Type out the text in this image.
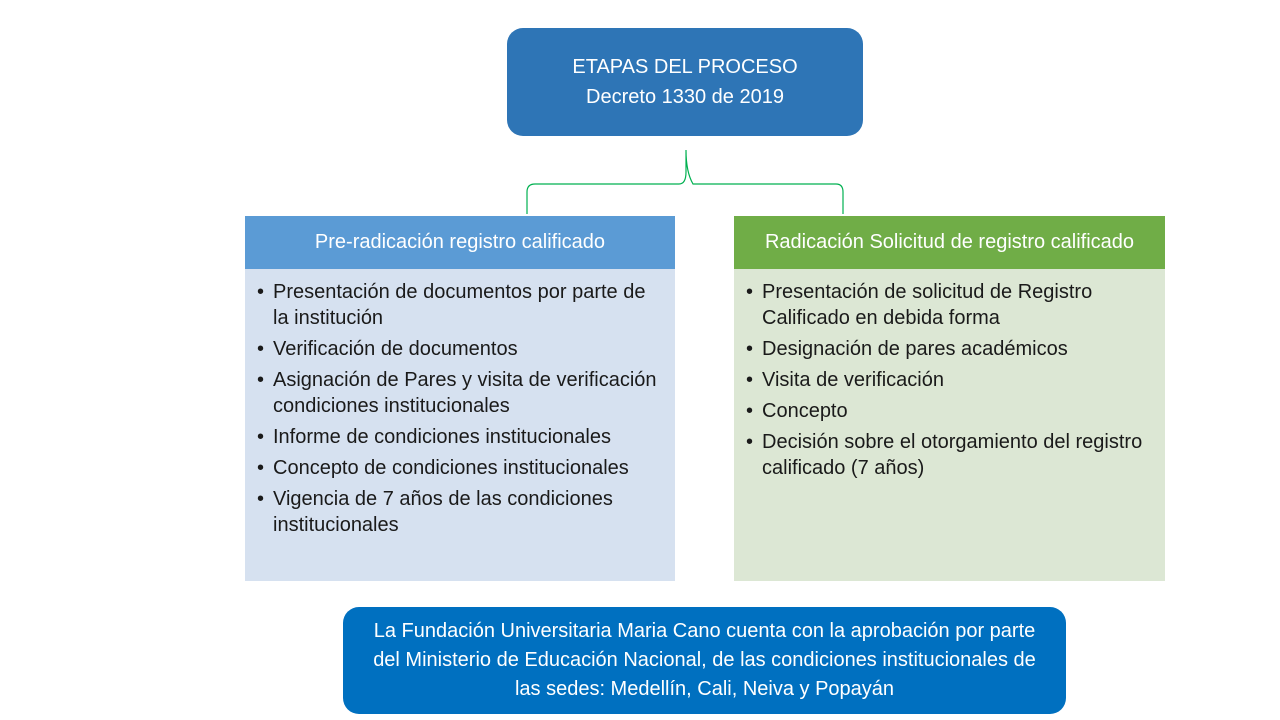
ETAPAS DEL PROCESO
Decreto 1330 de 2019
Pre-radicación registro calificado
• Presentación de documentos por parte de la institución
• Verificación de documentos
• Asignación de Pares y visita de verificación condiciones institucionales
• Informe de condiciones institucionales
• Concepto de condiciones institucionales
• Vigencia de 7 años de las condiciones institucionales
Radicación Solicitud de registro calificado
• Presentación de solicitud de Registro Calificado en debida forma
• Designación de pares académicos
• Visita de verificación
• Concepto
• Decisión sobre el otorgamiento del registro calificado (7 años)
La Fundación Universitaria Maria Cano cuenta con la aprobación por parte del Ministerio de Educación Nacional, de las condiciones institucionales de las sedes: Medellín, Cali, Neiva y Popayán
